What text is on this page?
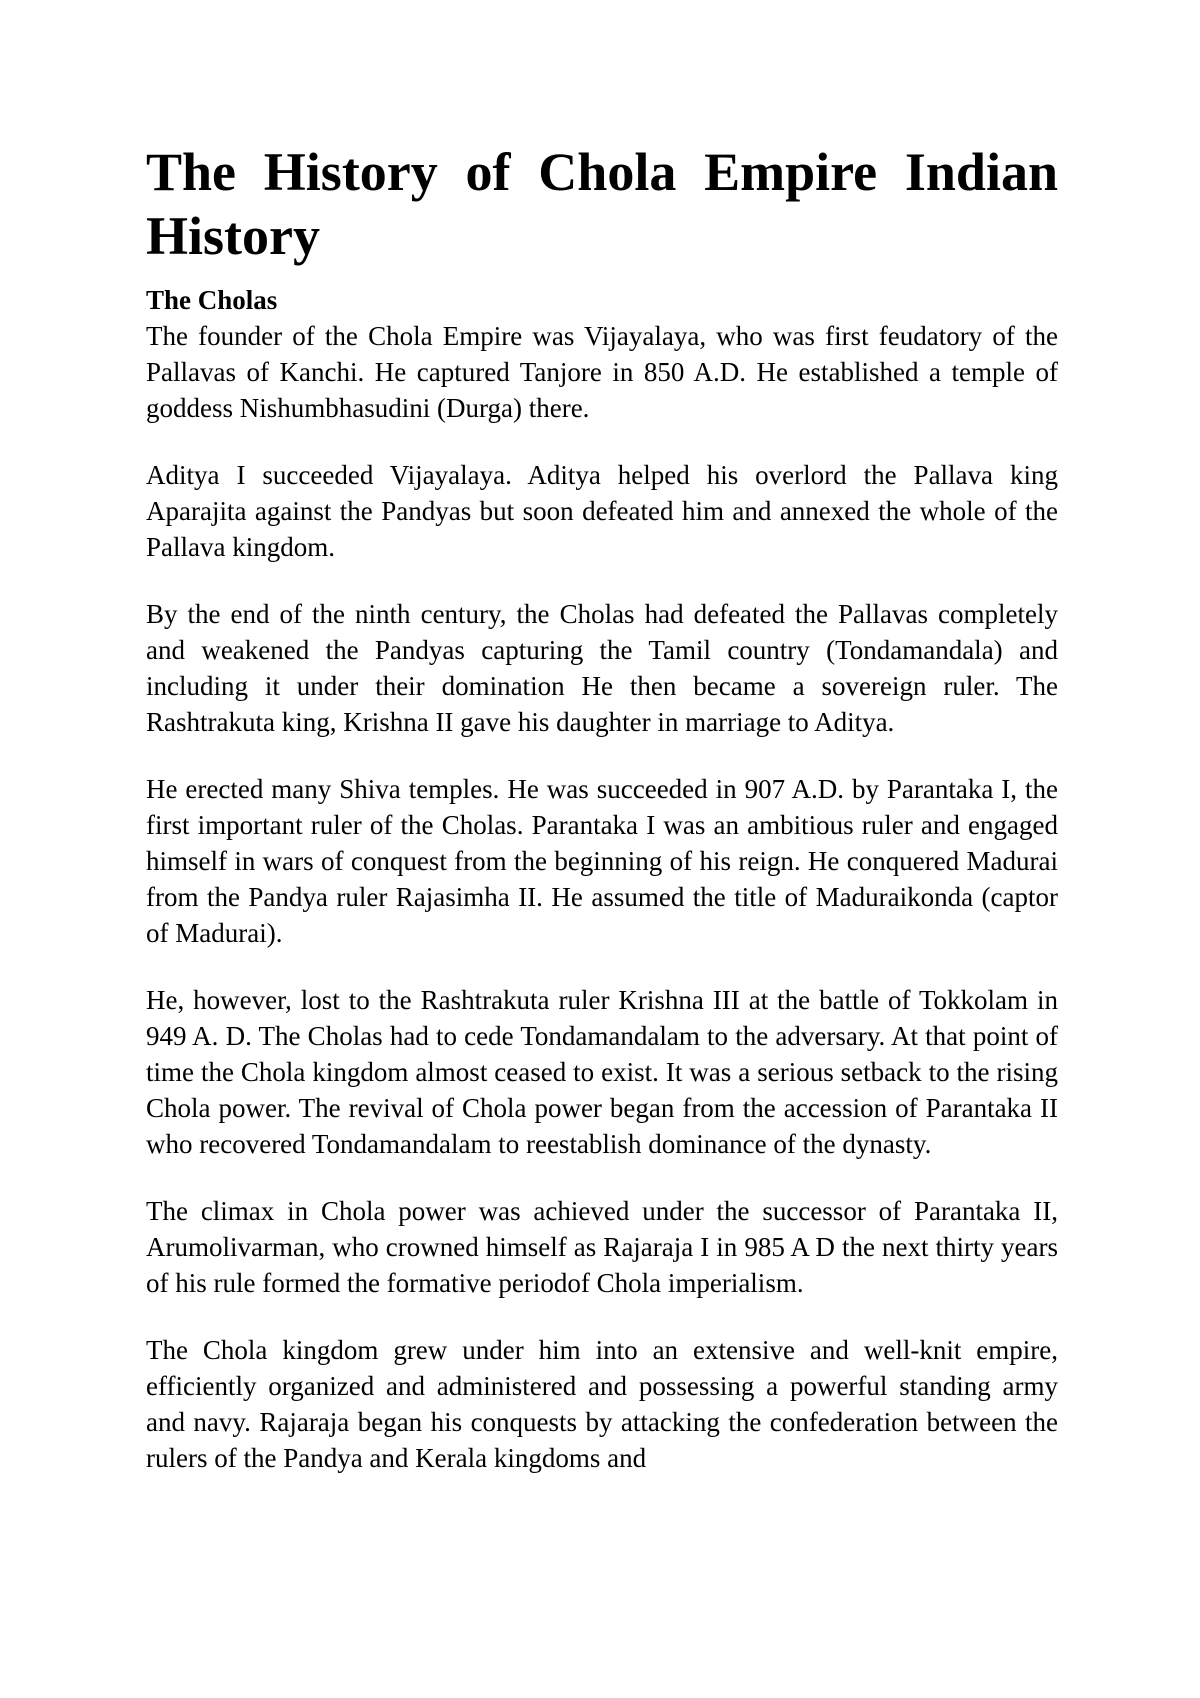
The History of Chola Empire Indian
History
The Cholas

The founder of the Chola Empire was Vijayalaya, who was first feudatory of the Pallavas of Kanchi. He captured Tanjore in 850 A.D. He established a temple of goddess Nishumbhasudini (Durga) there.

Aditya I succeeded Vijayalaya. Aditya helped his overlord the Pallava king Aparajita against the Pandyas but soon defeated him and annexed the whole of the Pallava kingdom.

By the end of the ninth century, the Cholas had defeated the Pallavas completely and weakened the Pandyas capturing the Tamil country (Tondamandala) and including it under their domination He then became a sovereign ruler. The Rashtrakuta king, Krishna II gave his daughter in marriage to Aditya.

He erected many Shiva temples. He was succeeded in 907 A.D. by Parantaka I, the first important ruler of the Cholas. Parantaka I was an ambitious ruler and engaged himself in wars of conquest from the beginning of his reign. He conquered Madurai from the Pandya ruler Rajasimha II. He assumed the title of Maduraikonda (captor of Madurai).

He, however, lost to the Rashtrakuta ruler Krishna III at the battle of Tokkolam in 949 A. D. The Cholas had to cede Tondamandalam to the adversary. At that point of time the Chola kingdom almost ceased to exist. It was a serious setback to the rising Chola power. The revival of Chola power began from the accession of Parantaka II who recovered Tondamandalam to reestablish dominance of the dynasty.

The climax in Chola power was achieved under the successor of Parantaka II, Arumolivarman, who crowned himself as Rajaraja I in 985 A D the next thirty years of his rule formed the formative periodof Chola imperialism.

The Chola kingdom grew under him into an extensive and well-knit empire, efficiently organized and administered and possessing a powerful standing army and navy. Rajaraja began his conquests by attacking the confederation between the rulers of the Pandya and Kerala kingdoms and
